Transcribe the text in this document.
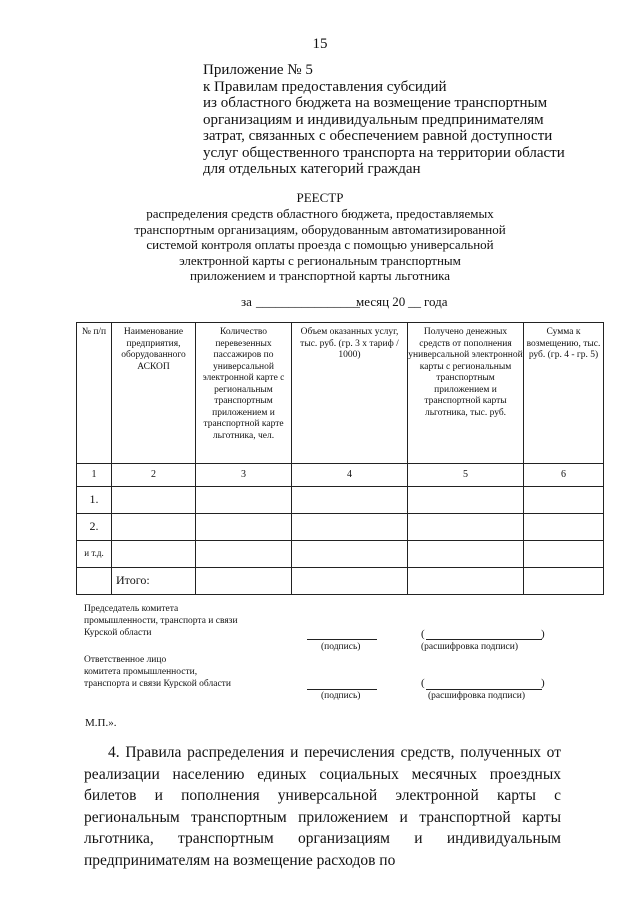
15
Приложение № 5
к Правилам предоставления субсидий
из областного бюджета на возмещение транспортным
организациям и индивидуальным предпринимателям
затрат, связанных с обеспечением равной доступности
услуг общественного транспорта на территории области
для отдельных категорий граждан
РЕЕСТР
распределения средств областного бюджета, предоставляемых
транспортным организациям, оборудованным автоматизированной
системой контроля оплаты проезда с помощью универсальной
электронной карты с региональным транспортным
приложением и транспортной карты льготника
за ________________
месяц 20 __ года
№ п/п	Наименование предприятия, оборудованного АСКОП	Количество перевезенных пассажиров по универсальной электронной карте с региональным транспортным приложением и транспортной карте льготника, чел.	Объем оказанных услуг, тыс. руб. (гр. 3 х тариф / 1000)	Получено денежных средств от пополнения универсальной электронной карты с региональным транспортным приложением и транспортной карты льготника, тыс. руб.	Сумма к возмещению, тыс. руб. (гр. 4 - гр. 5)
1	2	3	4	5	6
1.					
2.					
и т.д.					
	Итого:				
Председатель комитета
промышленности, транспорта и связи
Курской области
(подпись)
(	)
(расшифровка подписи)
Ответственное лицо
комитета промышленности,
транспорта и связи Курской области
(подпись)
(	)
(расшифровка подписи)
М.П.».
4. Правила распределения и перечисления средств, полученных от реализации населению единых социальных месячных проездных билетов и пополнения универсальной электронной карты с региональным транспортным приложением и транспортной карты льготника, транспортным организациям и индивидуальным предпринимателям на возмещение расходов по
